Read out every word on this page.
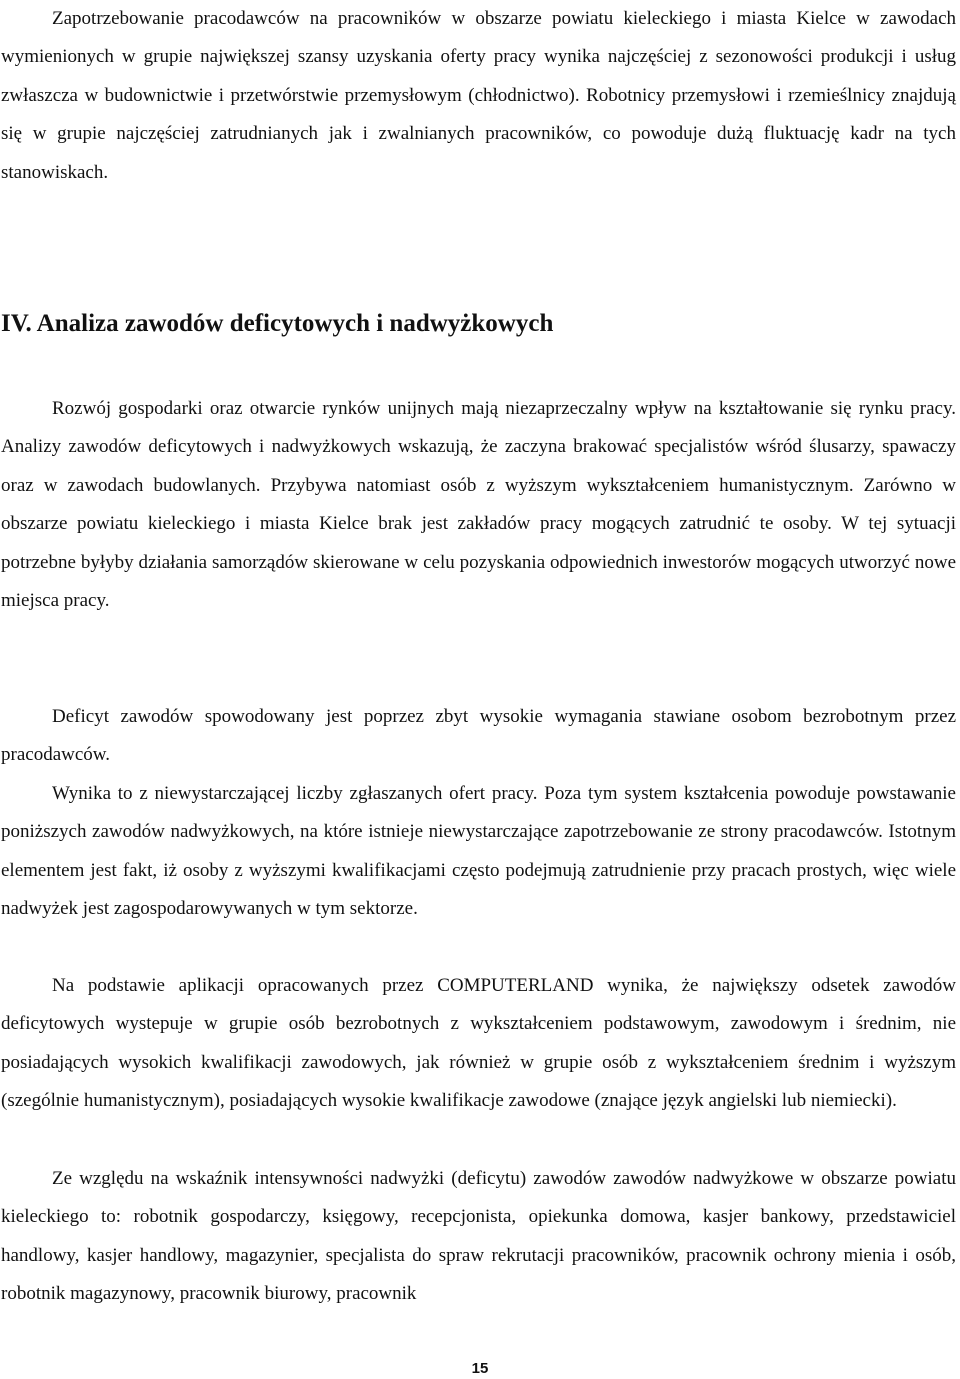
Zapotrzebowanie pracodawców na pracowników w obszarze powiatu kieleckiego i miasta Kielce w zawodach wymienionych w grupie największej szansy uzyskania oferty pracy wynika najczęściej z sezonowości produkcji i usług zwłaszcza w budownictwie i przetwórstwie przemysłowym (chłodnictwo). Robotnicy przemysłowi i rzemieślnicy znajdują się w grupie najczęściej zatrudnianych jak i zwalnianych pracowników, co powoduje dużą fluktuację kadr na tych stanowiskach.

IV. Analiza zawodów deficytowych i nadwyżkowych

Rozwój gospodarki oraz otwarcie rynków unijnych mają niezaprzeczalny wpływ na kształtowanie się rynku pracy. Analizy zawodów deficytowych i nadwyżkowych wskazują, że zaczyna brakować specjalistów wśród ślusarzy, spawaczy oraz w zawodach budowlanych. Przybywa natomiast osób z wyższym wykształceniem humanistycznym. Zarówno w obszarze powiatu kieleckiego i miasta Kielce brak jest zakładów pracy mogących zatrudnić te osoby. W tej sytuacji potrzebne byłyby działania samorządów skierowane w celu pozyskania odpowiednich inwestorów mogących utworzyć nowe miejsca pracy.

Deficyt zawodów spowodowany jest poprzez zbyt wysokie wymagania stawiane osobom bezrobotnym przez pracodawców.

Wynika to z niewystarczającej liczby zgłaszanych ofert pracy. Poza tym system kształcenia powoduje powstawanie poniższych zawodów nadwyżkowych, na które istnieje niewystarczające zapotrzebowanie ze strony pracodawców. Istotnym elementem jest fakt, iż osoby z wyższymi kwalifikacjami często podejmują zatrudnienie przy pracach prostych, więc wiele nadwyżek jest zagospodarowywanych w tym sektorze.

Na podstawie aplikacji opracowanych przez COMPUTERLAND wynika, że największy odsetek zawodów deficytowych wystepuje w grupie osób bezrobotnych z wykształceniem podstawowym, zawodowym i średnim, nie posiadających wysokich kwalifikacji zawodowych, jak również w grupie osób z wykształceniem średnim i wyższym (szególnie humanistycznym), posiadających wysokie kwalifikacje zawodowe (znające język angielski lub niemiecki).

Ze względu na wskaźnik intensywności nadwyżki (deficytu) zawodów zawodów nadwyżkowe w obszarze powiatu kieleckiego to: robotnik gospodarczy, księgowy, recepcjonista, opiekunka domowa, kasjer bankowy, przedstawiciel handlowy, kasjer handlowy, magazynier, specjalista do spraw rekrutacji pracowników, pracownik ochrony mienia i osób, robotnik magazynowy, pracownik biurowy, pracownik

15
